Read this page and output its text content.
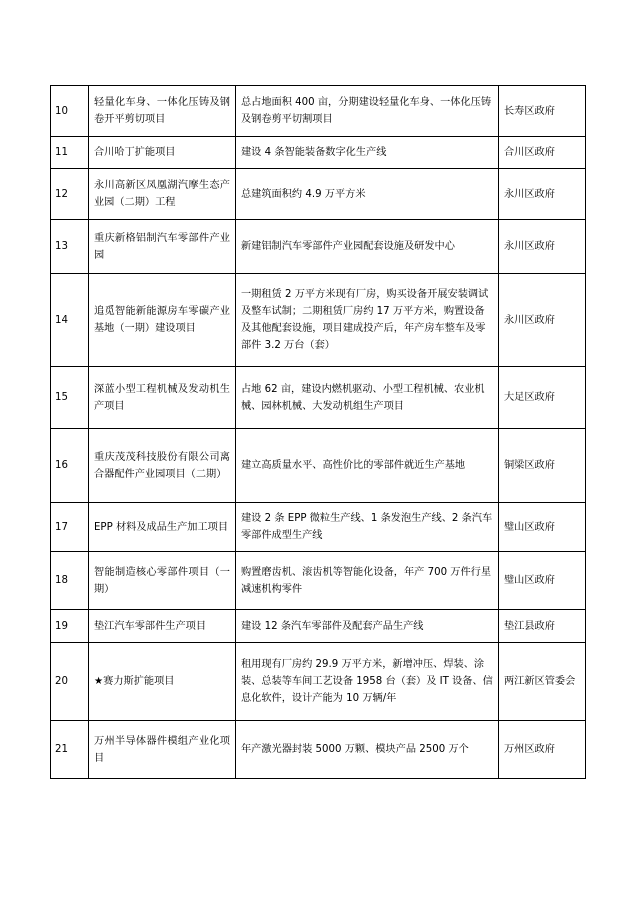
10	轻量化车身、一体化压铸及钢卷开平剪切项目	总占地面积 400 亩，分期建设轻量化车身、一体化压铸及钢卷剪平切割项目	长寿区政府
11	合川哈丁扩能项目	建设 4 条智能装备数字化生产线	合川区政府
12	永川高新区凤凰湖汽摩生态产业园（二期）工程	总建筑面积约 4.9 万平方米	永川区政府
13	重庆新格铝制汽车零部件产业园	新建铝制汽车零部件产业园配套设施及研发中心	永川区政府
14	追觅智能新能源房车零碳产业基地（一期）建设项目	一期租赁 2 万平方米现有厂房，购买设备开展安装调试及整车试制；二期租赁厂房约 17 万平方米，购置设备及其他配套设施，项目建成投产后，年产房车整车及零部件 3.2 万台（套）	永川区政府
15	深蓝小型工程机械及发动机生产项目	占地 62 亩，建设内燃机驱动、小型工程机械、农业机械、园林机械、大发动机组生产项目	大足区政府
16	重庆茂茂科技股份有限公司离合器配件产业园项目（二期）	建立高质量水平、高性价比的零部件就近生产基地	铜梁区政府
17	EPP 材料及成品生产加工项目	建设 2 条 EPP 微粒生产线、1 条发泡生产线、2 条汽车零部件成型生产线	璧山区政府
18	智能制造核心零部件项目（一期）	购置磨齿机、滚齿机等智能化设备，年产 700 万件行星减速机构零件	璧山区政府
19	垫江汽车零部件生产项目	建设 12 条汽车零部件及配套产品生产线	垫江县政府
20	★赛力斯扩能项目	租用现有厂房约 29.9 万平方米，新增冲压、焊装、涂装、总装等车间工艺设备 1958 台（套）及 IT 设备、信息化软件，设计产能为 10 万辆/年	两江新区管委会
21	万州半导体器件模组产业化项目	年产激光器封装 5000 万颗、模块产品 2500 万个	万州区政府
